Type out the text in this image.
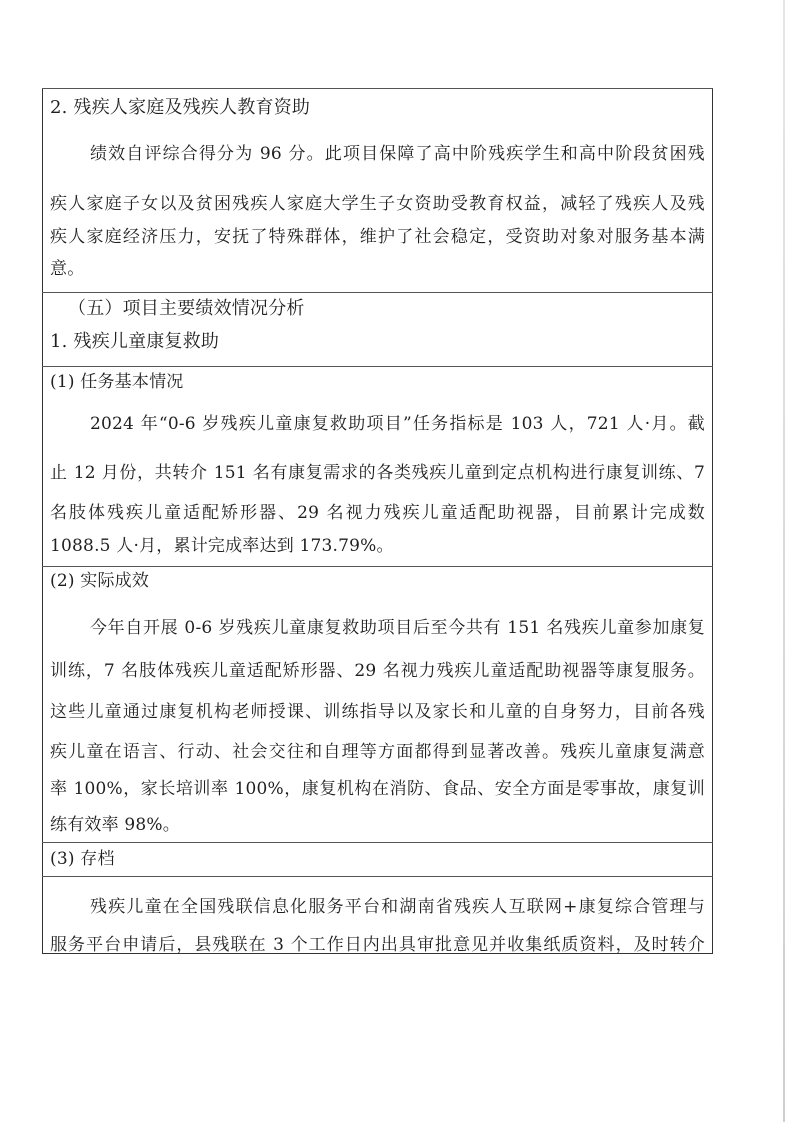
2. 残疾人家庭及残疾人教育资助
绩效自评综合得分为 96 分。此项目保障了高中阶残疾学生和高中阶段贫困残
疾人家庭子女以及贫困残疾人家庭大学生子女资助受教育权益，减轻了残疾人及残
疾人家庭经济压力，安抚了特殊群体，维护了社会稳定，受资助对象对服务基本满
意。
（五）项目主要绩效情况分析
1. 残疾儿童康复救助
(1) 任务基本情况
2024 年“0-6 岁残疾儿童康复救助项目”任务指标是 103 人，721 人·月。截
止 12 月份，共转介 151 名有康复需求的各类残疾儿童到定点机构进行康复训练、7
名肢体残疾儿童适配矫形器、29 名视力残疾儿童适配助视器，目前累计完成数
1088.5 人·月，累计完成率达到 173.79%。
(2) 实际成效
今年自开展 0-6 岁残疾儿童康复救助项目后至今共有 151 名残疾儿童参加康复
训练，7 名肢体残疾儿童适配矫形器、29 名视力残疾儿童适配助视器等康复服务。
这些儿童通过康复机构老师授课、训练指导以及家长和儿童的自身努力，目前各残
疾儿童在语言、行动、社会交往和自理等方面都得到显著改善。残疾儿童康复满意
率 100%，家长培训率 100%，康复机构在消防、食品、安全方面是零事故，康复训
练有效率 98%。
(3) 存档
残疾儿童在全国残联信息化服务平台和湖南省残疾人互联网+康复综合管理与
服务平台申请后，县残联在 3 个工作日内出具审批意见并收集纸质资料，及时转介
